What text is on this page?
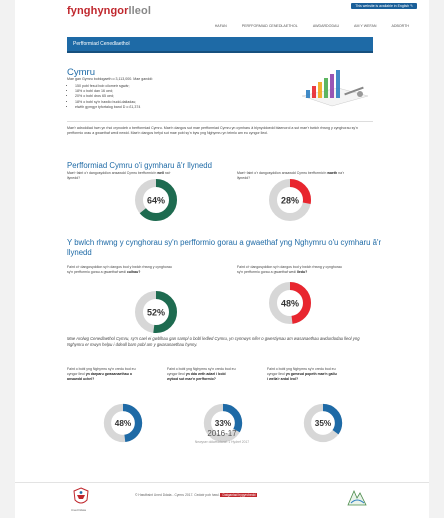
fynghyngorlleol	This website is available in English ✎
HAFAN	PERFFORMIAD CENEDLAETHOL	AWDARDODAU	AM Y WEFAN	ADBORTH
Perfformiad Cenedlaethol
Cymru
Mae gan Gymru boblogaeth o 3,113,000. Mae ganddi:
• 150 pobl fesul bob cilometr sgwâr;
• 18% o bobl dan 16 oed;
• 20% o bobl dros 65 oed;
• 18% o bobl sy'n hawlio budd-daliadau;
• elwith gymgyr tyfortalog band D o £1,374
Mae'r adroddiad hwn yn rhoi crynodeb o berfformiad Cymru. Mae'n dangos sut mae perfformiad Cymru yn cymharu â blynyddoedd blaenorol a sut mae'r bwlch rhwng y cynghorau sy'n perfformio orau a gwaethaf wedi newid. Mae'n dangos hefyd sut mae pobl sy'n byw yng Nghymru yn teimlo am eu cyngor lleol.
Perfformiad Cymru o'i gymharu â'r llynedd
Mae'r faint o'r dangosyddion ansawdd Cymru berfformio'n well na'r llynedd?
Mae'r faint o'r dangosyddion ansawdd Cymru berfformio'n waeth na'r llynedd?
64%	28%
Y bwlch rhwng y cynghorau sy'n perfformio gorau a gwaethaf yng Nghymru o'u cymharu â'r llynedd
Faint o'r dangosyddion sy'n dangos bod y bwlch rhwng y cynghorau sy'n perfformio gorau a gwaethaf wedi culhau?
Faint o'r dangosyddion sy'n dangos bod y bwlch rhwng y cynghorau sy'n perfformio gorau a gwaethaf wedi lledu?
52%
48%
Mae Arolwg Cenedlaethol Cymru, sy'n cael ei gwblhau gan sampl o bobl ledled Cymru, yn cynnwys nifer o gwestiynau am wasanaethau awdurdodau lleol yng Nghymru er mwyn helpu i ddeall barn pobl am y gwasanaethau hynny.
Faint o bobl yng Nghymru sy'n credu bod eu cyngor lleol yn darparu gwasanaethau o ansawdd uchel?
Faint o bobl yng Nghymru sy'n credu bod eu cyngor lleol yn dda wrth adael i bobl wybod sut mae'n perfformio?
Faint o bobl yng Nghymru sy'n credu bod eu cyngor lleol yn gwneud popeth mae'n gallu i wella'r ardal leol?
48%	33%	35%
2016-17
Newyser ddiweddaraf: 1 Hydref 2017
Uned Ddata
© Hawlfraint Uned Ddata - Cymru 2017. Cedwir pob hawl. Datganiad hygyrchedd
